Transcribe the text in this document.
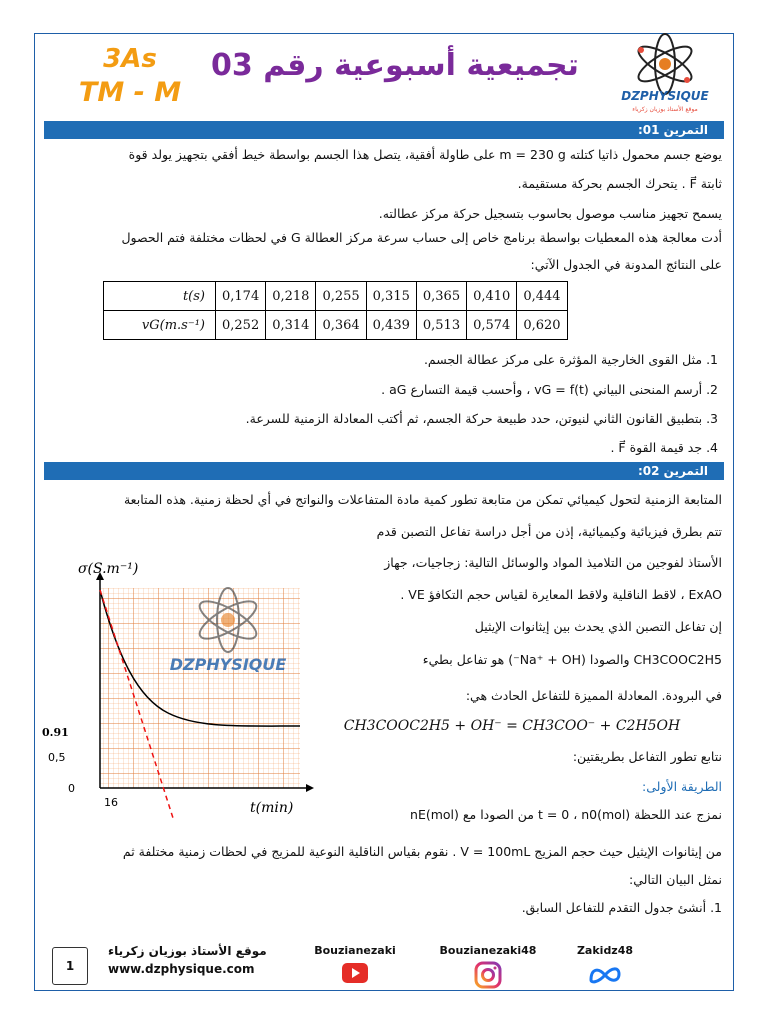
3As
TM - M
تجميعية أسبوعية رقم 03
DZPHYSIQUE
موقع الأستاذ بوزيان زكرياء
التمرين 01:
يوضع جسم محمول ذاتيا كتلته m = 230 g على طاولة أفقية، يتصل هذا الجسم بواسطة خيط أفقي بتجهيز يولد قوة
ثابتة F⃗ . يتحرك الجسم بحركة مستقيمة.
يسمح تجهيز مناسب موصول بحاسوب بتسجيل حركة مركز عطالته.
أدت معالجة هذه المعطيات بواسطة برنامج خاص إلى حساب سرعة مركز العطالة G في لحظات مختلفة فتم الحصول
على النتائج المدونة في الجدول الآتي:
t(s)	0,174	0,218	0,255	0,315	0,365	0,410	0,444
vG(m.s⁻¹)	0,252	0,314	0,364	0,439	0,513	0,574	0,620
1. مثل القوى الخارجية المؤثرة على مركز عطالة الجسم.
2. أرسم المنحنى البياني vG = f(t) ، وأحسب قيمة التسارع aG .
3. بتطبيق القانون الثاني لنيوتن، حدد طبيعة حركة الجسم، ثم أكتب المعادلة الزمنية للسرعة.
4. جد قيمة القوة F⃗ .
التمرين 02:
المتابعة الزمنية لتحول كيميائي تمكن من متابعة تطور كمية مادة المتفاعلات والنواتج في أي لحظة زمنية. هذه المتابعة
تتم بطرق فيزيائية وكيميائية، إذن من أجل دراسة تفاعل التصبن قدم
الأستاذ لفوجين من التلاميذ المواد والوسائل التالية: زجاجيات، جهاز
ExAO ، لاقط الناقلية ولاقط المعايرة لقياس حجم التكافؤ VE .
إن تفاعل التصبن الذي يحدث بين إيثانوات الإيثيل
CH3COOC2H5 والصودا (Na⁺ + OH⁻) هو تفاعل بطيء
في البرودة. المعادلة المميزة للتفاعل الحادث هي:
CH3COOC2H5 + OH⁻ = CH3COO⁻ + C2H5OH
نتابع تطور التفاعل بطريقتين:
الطريقة الأولى:
نمزج عند اللحظة t = 0 ، n0(mol) من الصودا مع nE(mol)
من إيثانوات الإيثيل حيث حجم المزيج V = 100mL . نقوم بقياس الناقلية النوعية للمزيج في لحظات زمنية مختلفة ثم
نمثل البيان التالي:
1. أنشئ جدول التقدم للتفاعل السابق.
DZPHYSIQUE
σ(S.m⁻¹)
0.91
0,5
0
16	t(min)
1
موقع الأستاذ بوزيان زكرياء
www.dzphysique.com
Bouzianezaki	Bouzianezaki48	Zakidz48
